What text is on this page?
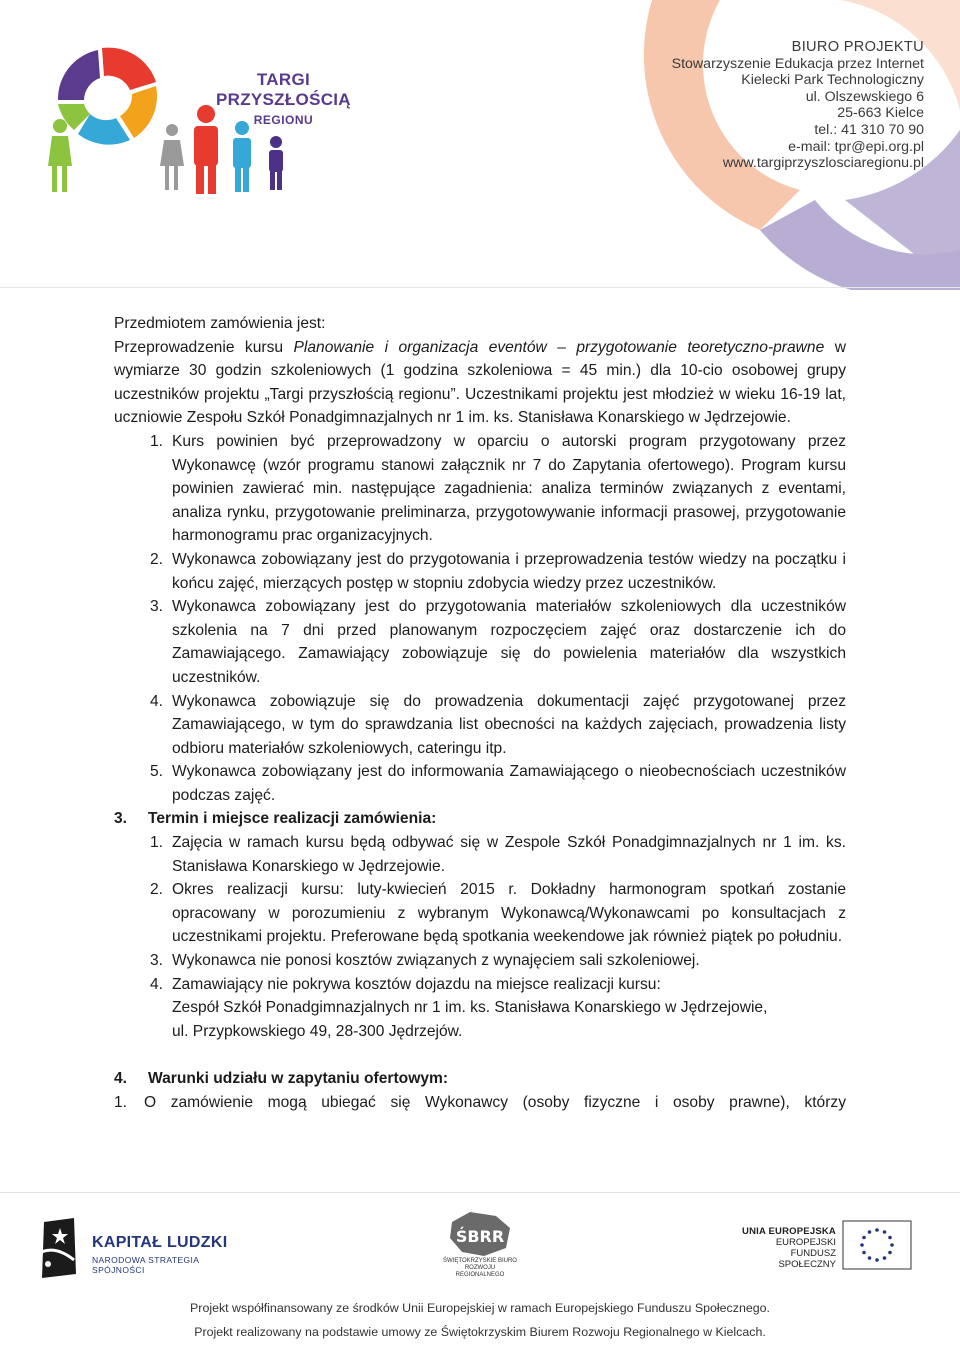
TARGI
PRZYSZŁOŚCIĄ
REGIONU
BIURO PROJEKTU
Stowarzyszenie Edukacja przez Internet
Kielecki Park Technologiczny
ul. Olszewskiego 6
25-663 Kielce
tel.: 41 310 70 90
e-mail: tpr@epi.org.pl
www.targiprzyszlosciaregionu.pl

Przedmiotem zamówienia jest:

Przeprowadzenie kursu Planowanie i organizacja eventów – przygotowanie teoretyczno-prawne w wymiarze 30 godzin szkoleniowych (1 godzina szkoleniowa = 45 min.) dla 10-cio osobowej grupy uczestników projektu „Targi przyszłością regionu”. Uczestnikami projektu jest młodzież w wieku 16-19 lat, uczniowie Zespołu Szkół Ponadgimnazjalnych nr 1 im. ks. Stanisława Konarskiego w Jędrzejowie.

1. Kurs powinien być przeprowadzony w oparciu o autorski program przygotowany przez Wykonawcę (wzór programu stanowi załącznik nr 7 do Zapytania ofertowego). Program kursu powinien zawierać min. następujące zagadnienia: analiza terminów związanych z eventami, analiza rynku, przygotowanie preliminarza, przygotowywanie informacji prasowej, przygotowanie harmonogramu prac organizacyjnych.
2. Wykonawca zobowiązany jest do przygotowania i przeprowadzenia testów wiedzy na początku i końcu zajęć, mierzących postęp w stopniu zdobycia wiedzy przez uczestników.
3. Wykonawca zobowiązany jest do przygotowania materiałów szkoleniowych dla uczestników szkolenia na 7 dni przed planowanym rozpoczęciem zajęć oraz dostarczenie ich do Zamawiającego. Zamawiający zobowiązuje się do powielenia materiałów dla wszystkich uczestników.
4. Wykonawca zobowiązuje się do prowadzenia dokumentacji zajęć przygotowanej przez Zamawiającego, w tym do sprawdzania list obecności na każdych zajęciach, prowadzenia listy odbioru materiałów szkoleniowych, cateringu itp.
5. Wykonawca zobowiązany jest do informowania Zamawiającego o nieobecnościach uczestników podczas zajęć.
3.	Termin i miejsce realizacji zamówienia:
1. Zajęcia w ramach kursu będą odbywać się w Zespole Szkół Ponadgimnazjalnych nr 1 im. ks. Stanisława Konarskiego w Jędrzejowie.
2. Okres realizacji kursu: luty-kwiecień 2015 r. Dokładny harmonogram spotkań zostanie opracowany w porozumieniu z wybranym Wykonawcą/Wykonawcami po konsultacjach z uczestnikami projektu. Preferowane będą spotkania weekendowe jak również piątek po południu.
3. Wykonawca nie ponosi kosztów związanych z wynajęciem sali szkoleniowej.
4. Zamawiający nie pokrywa kosztów dojazdu na miejsce realizacji kursu:
Zespół Szkół Ponadgimnazjalnych nr 1 im. ks. Stanisława Konarskiego w Jędrzejowie,
ul. Przypkowskiego 49, 28-300 Jędrzejów.
4.	Warunki udziału w zapytaniu ofertowym:
1.	O zamówienie mogą ubiegać się Wykonawcy (osoby fizyczne i osoby prawne), którzy
KAPITAŁ LUDZKI
NARODOWA STRATEGIA SPÓJNOŚCI
ŚBRR
ŚWIĘTOKRZYSKIE BIURO
ROZWOJU REGIONALNEGO
UNIA EUROPEJSKA
EUROPEJSKI
FUNDUSZ SPOŁECZNY
Projekt współfinansowany ze środków Unii Europejskiej w ramach Europejskiego Funduszu Społecznego.
Projekt realizowany na podstawie umowy ze Świętokrzyskim Biurem Rozwoju Regionalnego w Kielcach.
